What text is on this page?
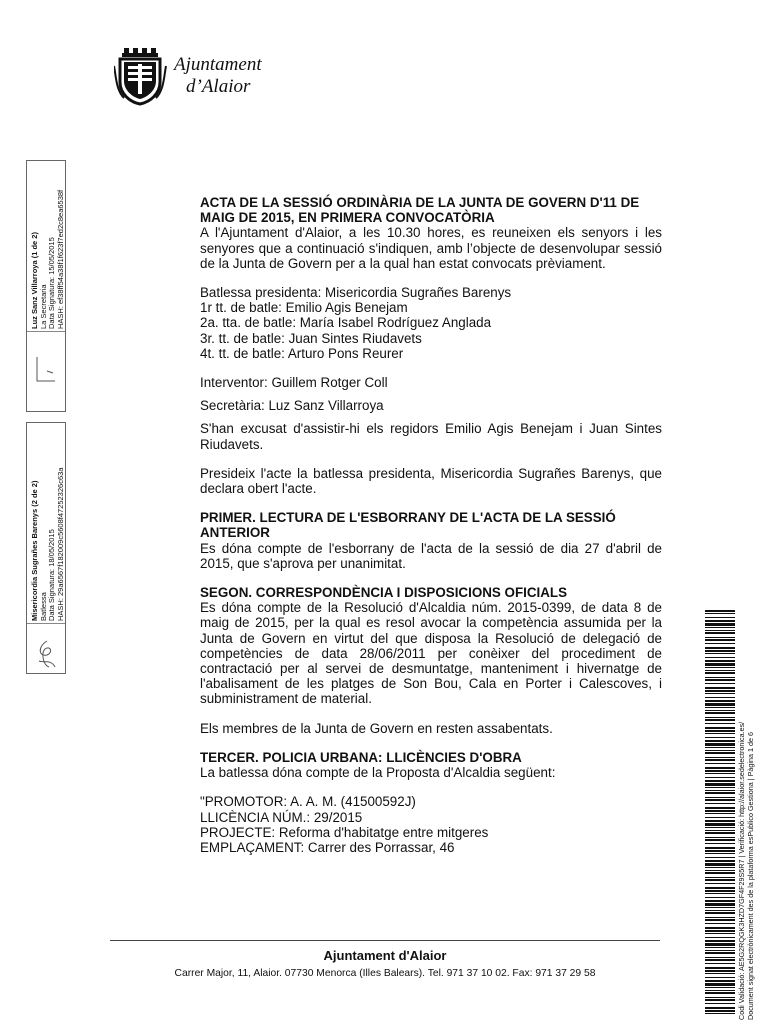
Ajuntament
d’Alaior
Luz Sanz Villarroya (1 de 2)
La Secretaria
Data Signatura: 15/05/2015
HASH: ef38ff54a38f1f623f7ed2c8ea6538f
Misericordia Sugrañes Barenys (2 de 2)
Batlessa
Data Signatura: 18/05/2015
HASH: 29a6567f182009c5608f47252326c63a

ACTA DE LA SESSIÓ ORDINÀRIA DE LA JUNTA DE GOVERN D'11 DE MAIG DE 2015, EN PRIMERA CONVOCATÒRIA

A l'Ajuntament d'Alaior, a les 10.30 hores, es reuneixen els senyors i les senyores que a continuació s'indiquen, amb l’objecte de desenvolupar sessió de la Junta de Govern per a la qual han estat convocats prèviament.

Batlessa presidenta: Misericordia Sugrañes Barenys

1r tt. de batle: Emilio Agis Benejam

2a. tta. de batle: María Isabel Rodríguez Anglada

3r. tt. de batle: Juan Sintes Riudavets

4t. tt. de batle: Arturo Pons Reurer

Interventor: Guillem Rotger Coll

Secretària: Luz Sanz Villarroya

S'han excusat d'assistir-hi els regidors Emilio Agis Benejam i Juan Sintes Riudavets.

Presideix l'acte la batlessa presidenta, Misericordia Sugrañes Barenys, que declara obert l'acte.

PRIMER. LECTURA DE L'ESBORRANY DE L'ACTA DE LA SESSIÓ ANTERIOR

Es dóna compte de l'esborrany de l'acta de la sessió de dia 27 d'abril de 2015, que s'aprova per unanimitat.

SEGON. CORRESPONDÈNCIA I DISPOSICIONS OFICIALS

Es dóna compte de la Resolució d'Alcaldia núm. 2015-0399, de data 8 de maig de 2015, per la qual es resol avocar la competència assumida per la Junta de Govern en virtut del que disposa la Resolució de delegació de competències de data 28/06/2011 per conèixer del procediment de contractació per al servei de desmuntatge, manteniment i hivernatge de l'abalisament de les platges de Son Bou, Cala en Porter i Calescoves, i subministrament de material.

Els membres de la Junta de Govern en resten assabentats.

TERCER. POLICIA URBANA: LLICÈNCIES D'OBRA

La batlessa dóna compte de la Proposta d'Alcaldia següent:

"PROMOTOR: A. A. M. (41500592J)

LLICÈNCIA NÚM.: 29/2015

PROJECTE: Reforma d'habitatge entre mitgeres

EMPLAÇAMENT: Carrer des Porrassar, 46	Codi Validació: AE5G2RQGK3HZD7GF4F29S5R7 | Verificació: http://alaior.sedelectronica.es/
Document signat electrònicament des de la plataforma esPublico Gestiona | Pàgina 1 de 6
Ajuntament d'Alaior
Carrer Major, 11, Alaior. 07730 Menorca (Illes Balears). Tel. 971 37 10 02. Fax: 971 37 29 58
